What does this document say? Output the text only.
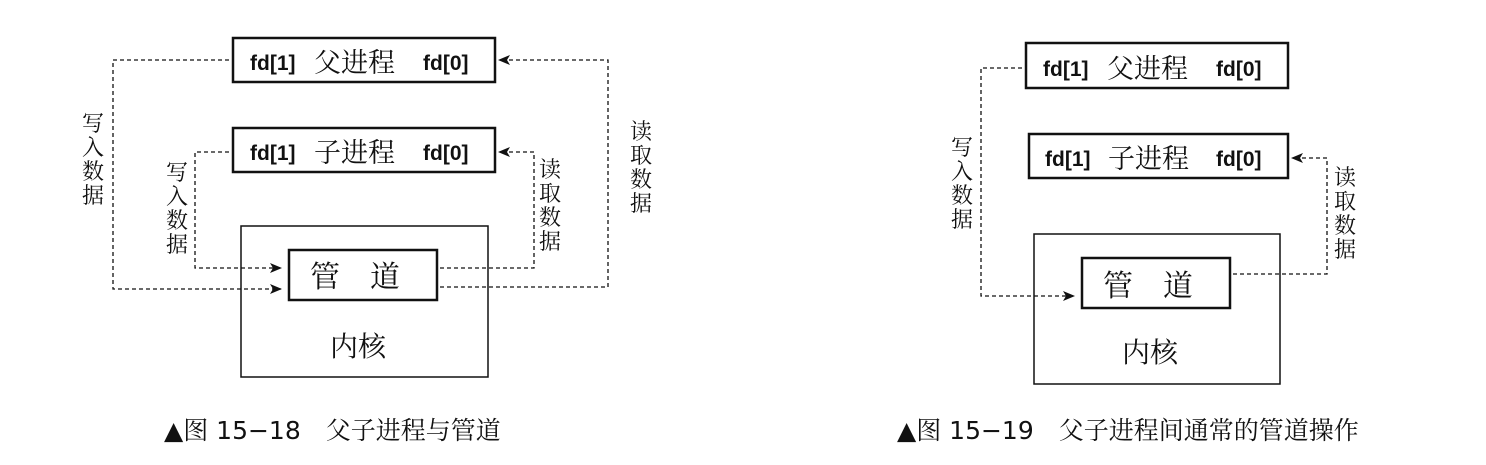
fd[1] 父进程 fd[0]
fd[1] 子进程 fd[0]
内核
管　道
写
入
数
据
写
入
数
据
读
取
数
据
读
取
数
据
▲图 15−18　父子进程与管道
fd[1] 父进程 fd[0]
fd[1] 子进程 fd[0]
内核
管　道
写
入
数
据
读
取
数
据
▲图 15−19　父子进程间通常的管道操作
